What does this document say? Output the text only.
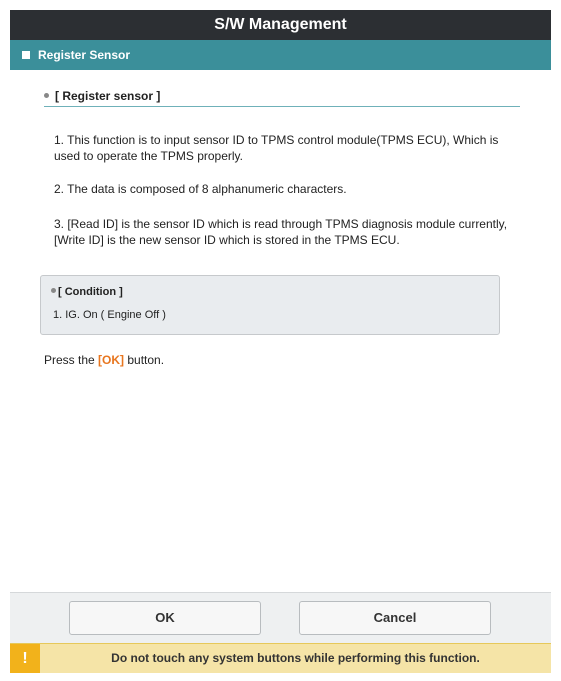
S/W Management
Register Sensor
[ Register sensor ]

1. This function is to input sensor ID to TPMS control module(TPMS ECU), Which is used to operate the TPMS properly.

2. The data is composed of 8 alphanumeric characters.

3. [Read ID] is the sensor ID which is read through TPMS diagnosis module currently, [Write ID] is the new sensor ID which is stored in the TPMS ECU.

[ Condition ]
1. IG. On ( Engine Off )
Press the [OK] button.
OK	Cancel
!	Do not touch any system buttons while performing this function.
